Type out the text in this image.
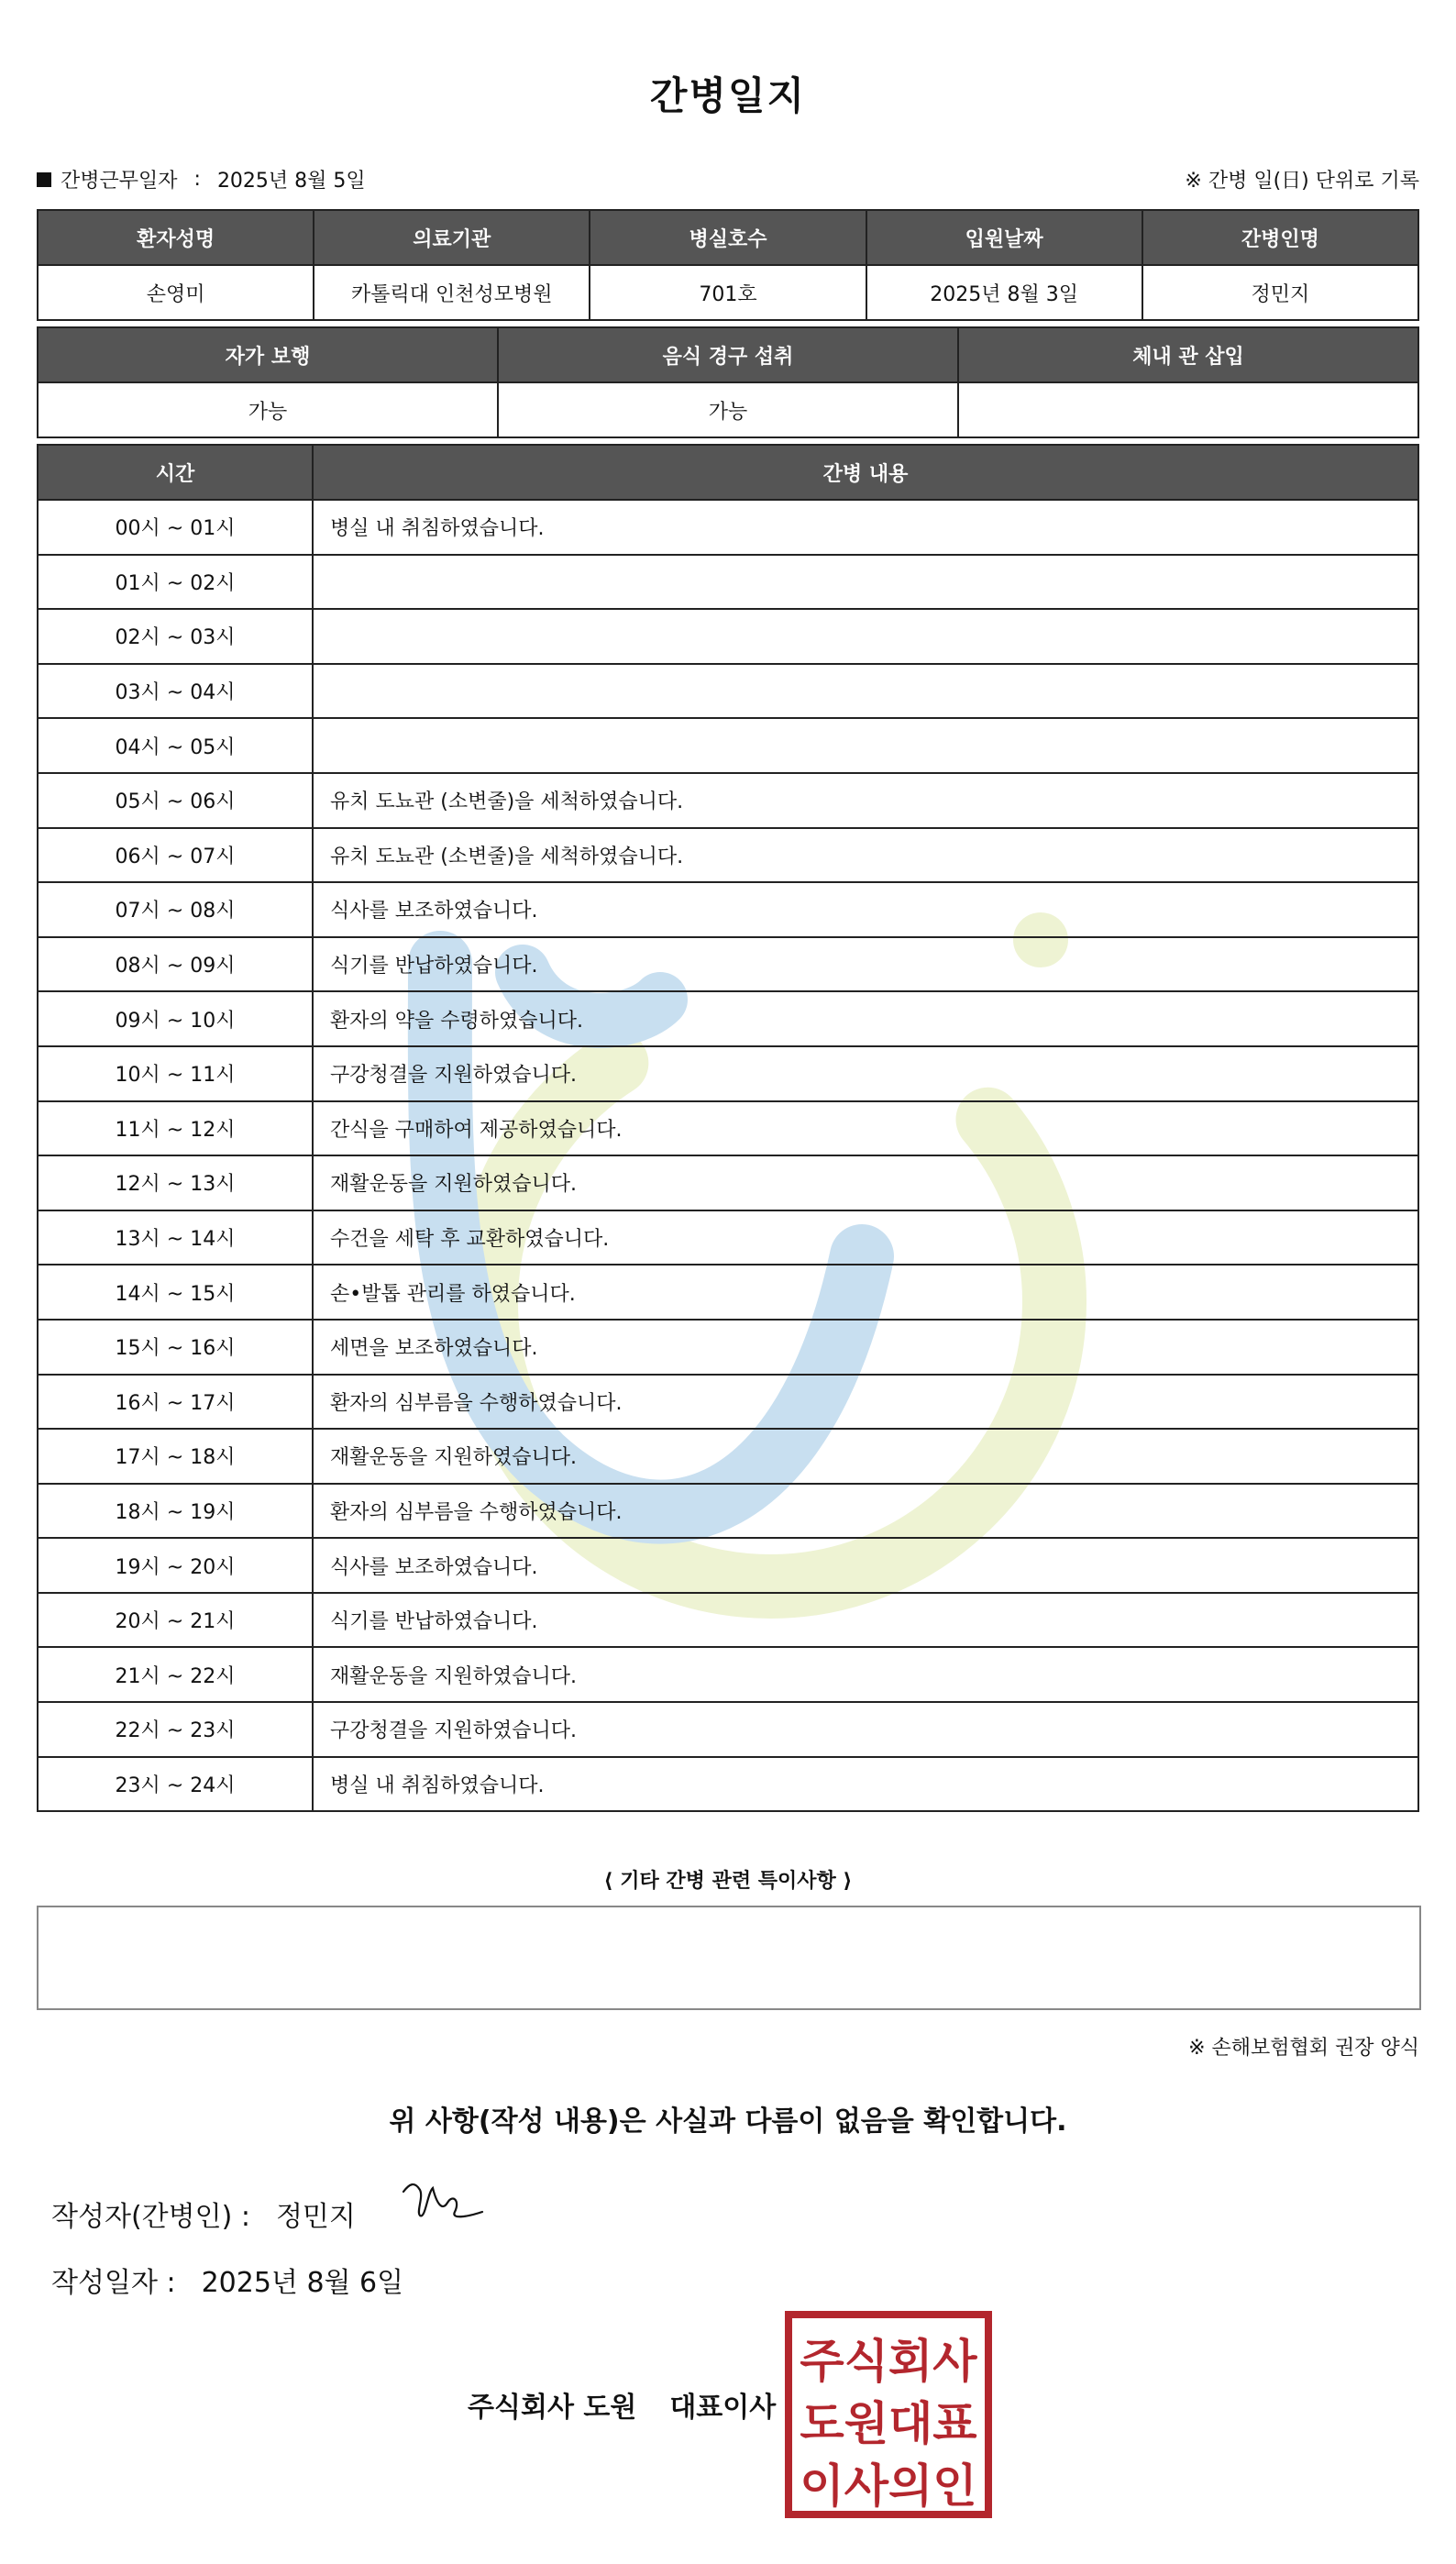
간병일지
간병근무일자 : 2025년 8월 5일	※ 간병 일(日) 단위로 기록
환자성명	의료기관	병실호수	입원날짜	간병인명
손영미	카톨릭대 인천성모병원	701호	2025년 8월 3일	정민지
자가 보행	음식 경구 섭취	체내 관 삽입
가능	가능	
시간	간병 내용
00시 ~ 01시	병실 내 취침하였습니다.
01시 ~ 02시	
02시 ~ 03시	
03시 ~ 04시	
04시 ~ 05시	
05시 ~ 06시	유치 도뇨관 (소변줄)을 세척하였습니다.
06시 ~ 07시	유치 도뇨관 (소변줄)을 세척하였습니다.
07시 ~ 08시	식사를 보조하였습니다.
08시 ~ 09시	식기를 반납하였습니다.
09시 ~ 10시	환자의 약을 수령하였습니다.
10시 ~ 11시	구강청결을 지원하였습니다.
11시 ~ 12시	간식을 구매하여 제공하였습니다.
12시 ~ 13시	재활운동을 지원하였습니다.
13시 ~ 14시	수건을 세탁 후 교환하였습니다.
14시 ~ 15시	손•발톱 관리를 하였습니다.
15시 ~ 16시	세면을 보조하였습니다.
16시 ~ 17시	환자의 심부름을 수행하였습니다.
17시 ~ 18시	재활운동을 지원하였습니다.
18시 ~ 19시	환자의 심부름을 수행하였습니다.
19시 ~ 20시	식사를 보조하였습니다.
20시 ~ 21시	식기를 반납하였습니다.
21시 ~ 22시	재활운동을 지원하였습니다.
22시 ~ 23시	구강청결을 지원하였습니다.
23시 ~ 24시	병실 내 취침하였습니다.
⟨ 기타 간병 관련 특이사항 ⟩
※ 손해보험협회 권장 양식
위 사항(작성 내용)은 사실과 다름이 없음을 확인합니다.
작성자(간병인) : 정민지
작성일자 : 2025년 8월 6일
주식회사 도원 대표이사
주식회사
도원대표
이사의인
